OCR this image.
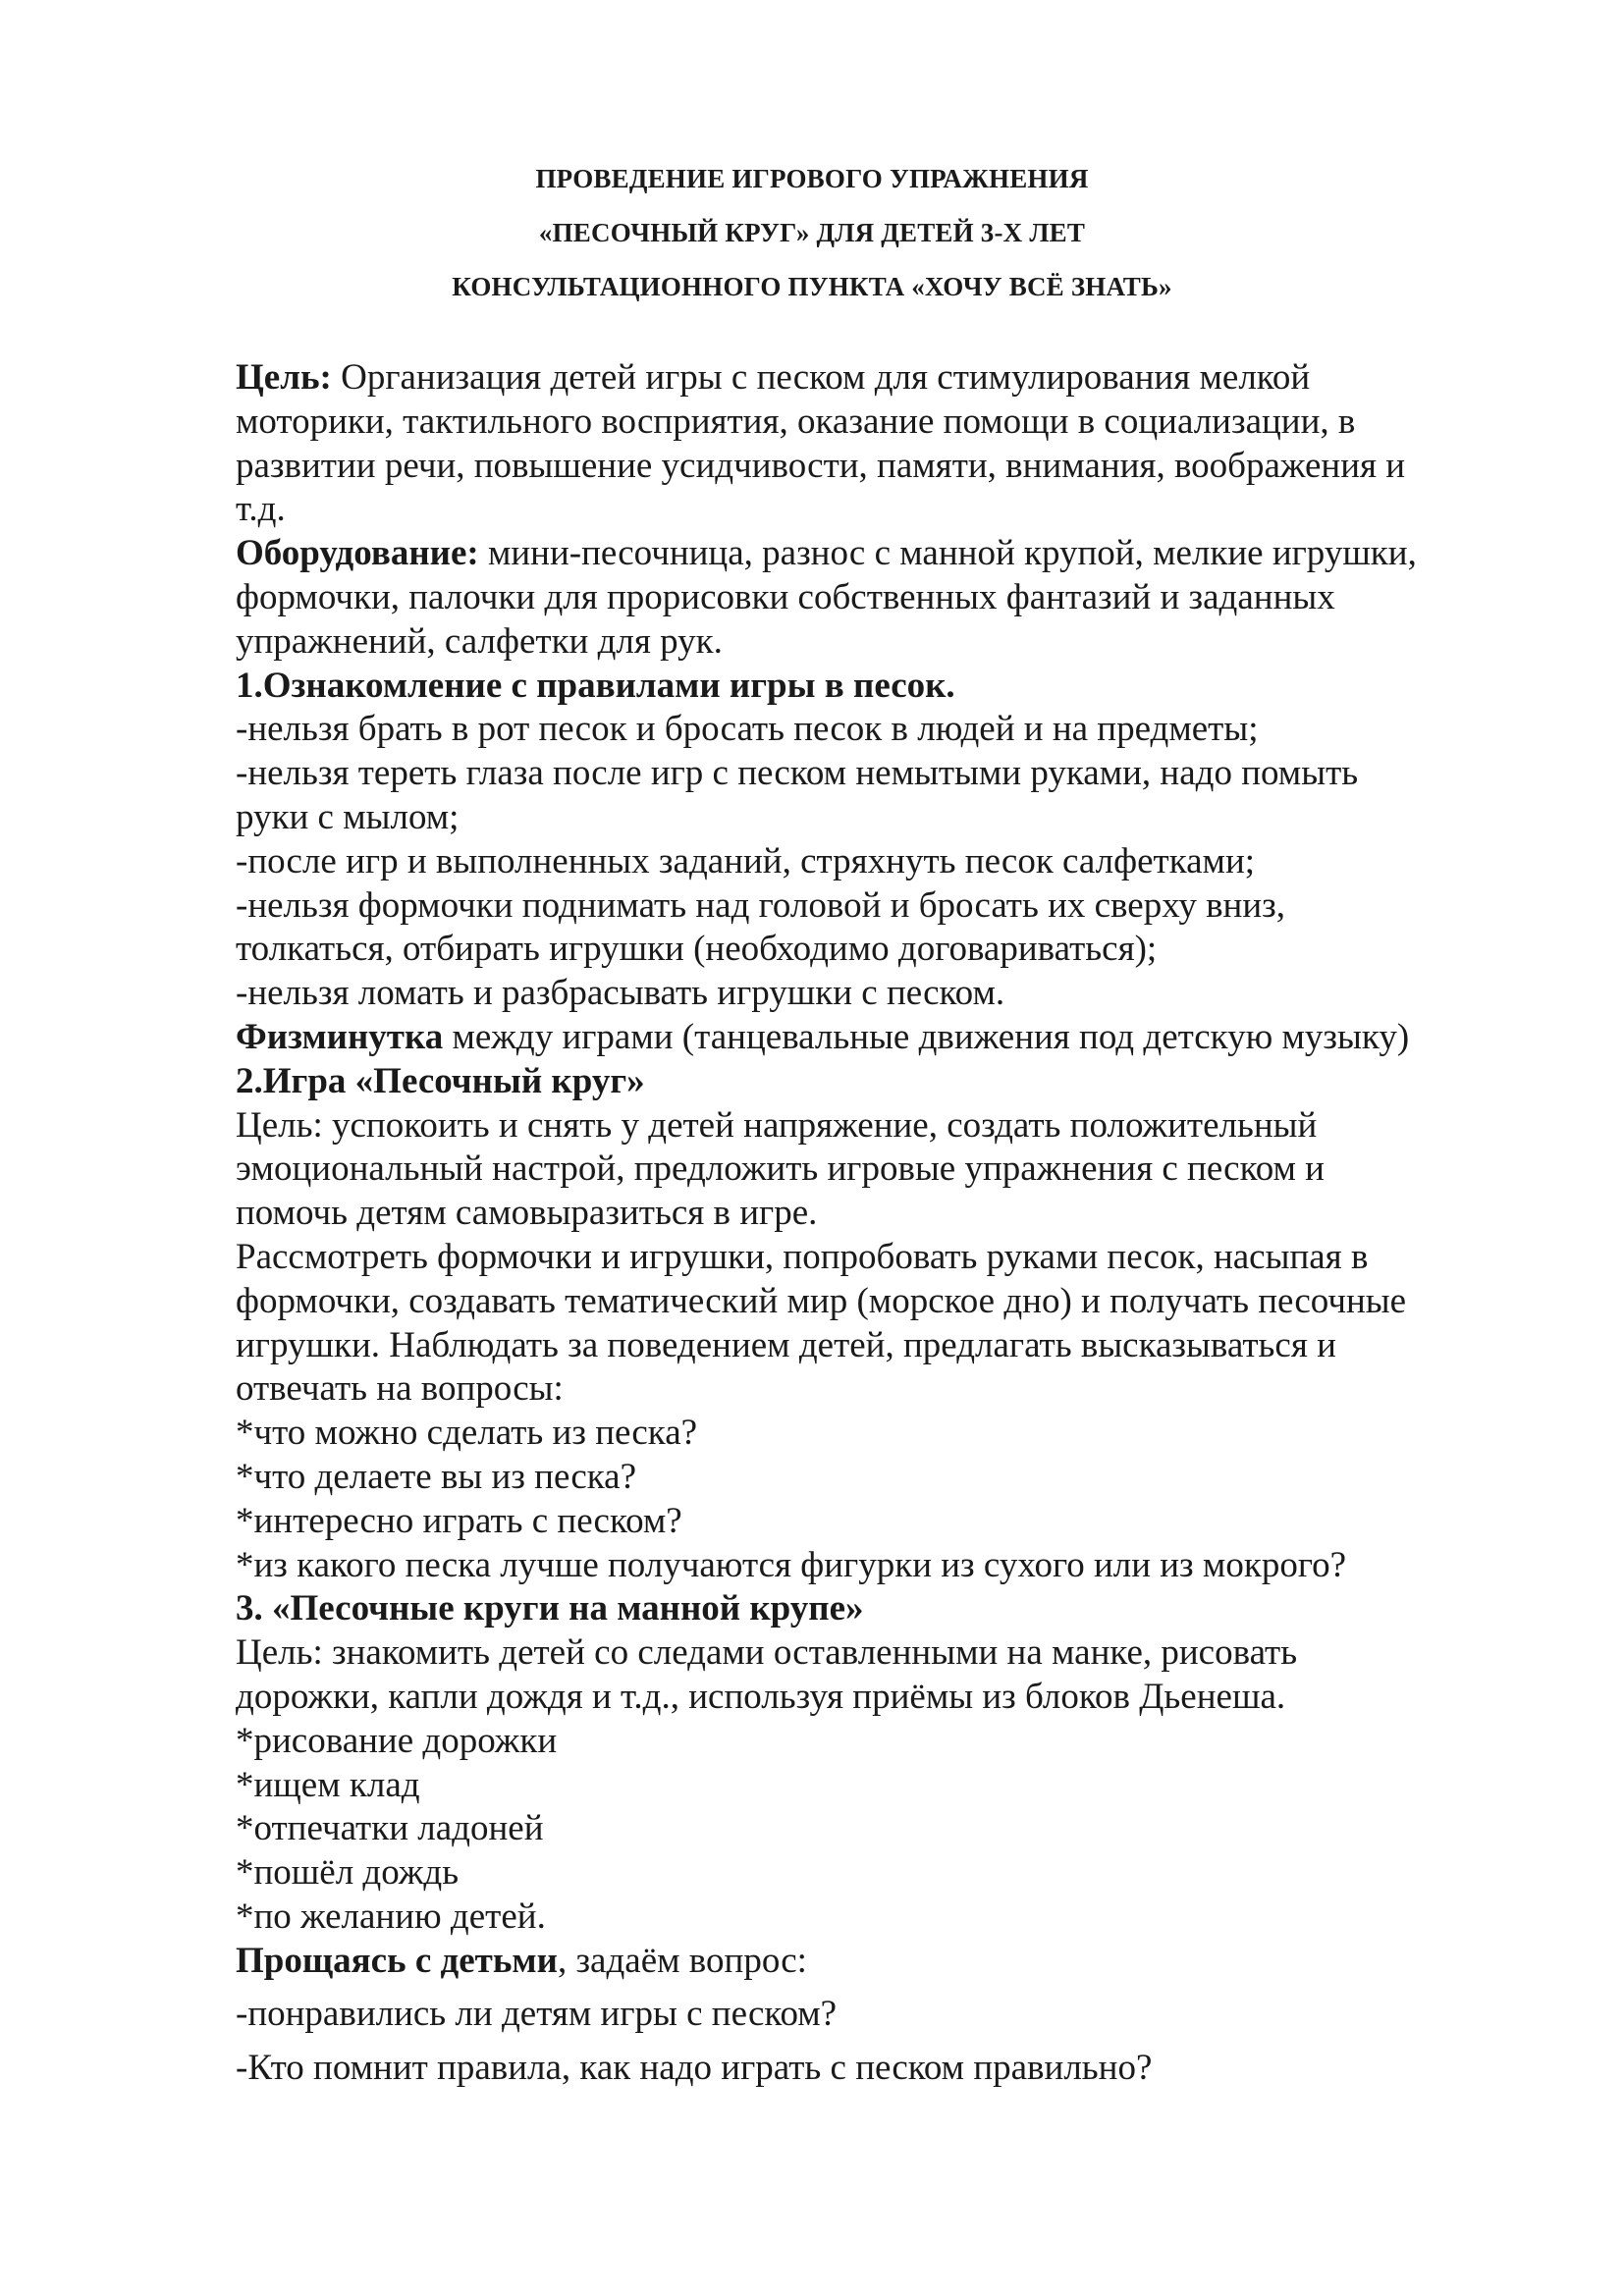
ПРОВЕДЕНИЕ ИГРОВОГО УПРАЖНЕНИЯ
«ПЕСОЧНЫЙ КРУГ» ДЛЯ ДЕТЕЙ 3-Х ЛЕТ
КОНСУЛЬТАЦИОННОГО ПУНКТА «ХОЧУ ВСЁ ЗНАТЬ»
Цель: Организация детей игры с песком для стимулирования мелкой
моторики, тактильного восприятия, оказание помощи в социализации, в
развитии речи, повышение усидчивости, памяти, внимания, воображения и
т.д.
Оборудование: мини-песочница, разнос с манной крупой, мелкие игрушки,
формочки, палочки для прорисовки собственных фантазий и заданных
упражнений, салфетки для рук.
1.Ознакомление с правилами игры в песок.
-нельзя брать в рот песок и бросать песок в людей и на предметы;
-нельзя тереть глаза после игр с песком немытыми руками, надо помыть
руки с мылом;
-после игр и выполненных заданий, стряхнуть песок салфетками;
-нельзя формочки поднимать над головой и бросать их сверху вниз,
толкаться, отбирать игрушки (необходимо договариваться);
-нельзя ломать и разбрасывать игрушки с песком.
Физминутка между играми (танцевальные движения под детскую музыку)
2.Игра «Песочный круг»
Цель: успокоить и снять у детей напряжение, создать положительный
эмоциональный настрой, предложить игровые упражнения с песком и
помочь детям самовыразиться в игре.
Рассмотреть формочки и игрушки, попробовать руками песок, насыпая в
формочки, создавать тематический мир (морское дно) и получать песочные
игрушки. Наблюдать за поведением детей, предлагать высказываться и
отвечать на вопросы:
*что можно сделать из песка?
*что делаете вы из песка?
*интересно играть с песком?
*из какого песка лучше получаются фигурки из сухого или из мокрого?
3. «Песочные круги на манной крупе»
Цель: знакомить детей со следами оставленными на манке, рисовать
дорожки, капли дождя и т.д., используя приёмы из блоков Дьенеша.
*рисование дорожки
*ищем клад
*отпечатки ладоней
*пошёл дождь
*по желанию детей.
Прощаясь с детьми, задаём вопрос:
-понравились ли детям игры с песком?
-Кто помнит правила, как надо играть с песком правильно?
